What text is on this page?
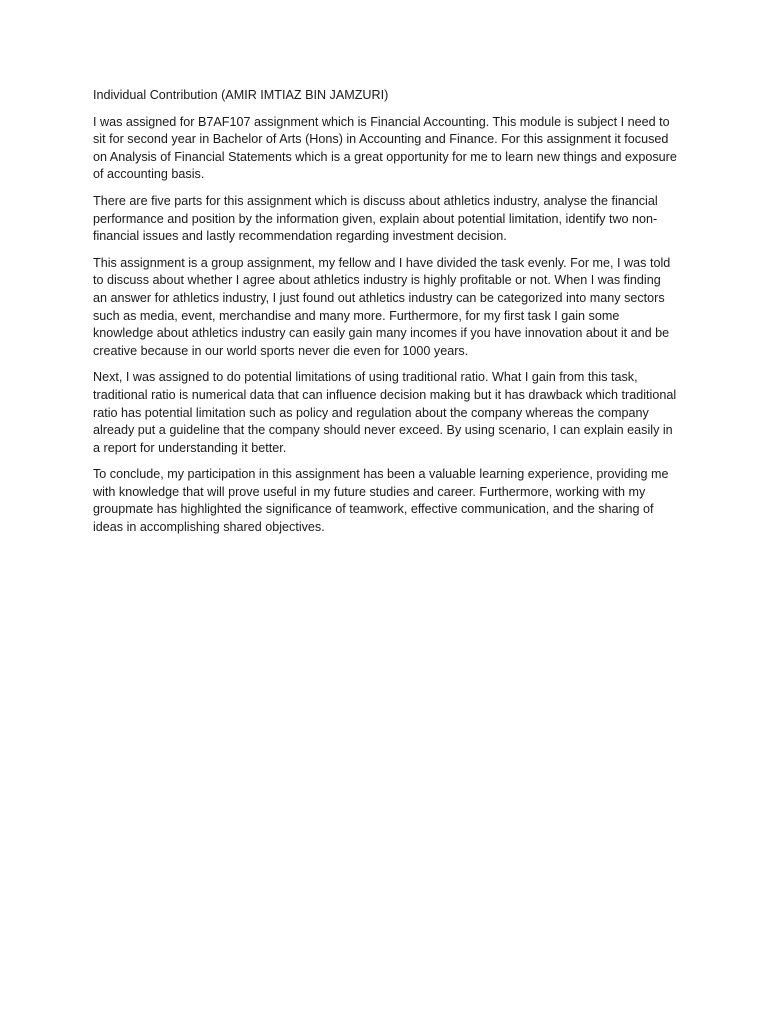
Individual Contribution (AMIR IMTIAZ BIN JAMZURI)

I was assigned for B7AF107 assignment which is Financial Accounting. This module is subject I need to sit for second year in Bachelor of Arts (Hons) in Accounting and Finance. For this assignment it focused on Analysis of Financial Statements which is a great opportunity for me to learn new things and exposure of accounting basis.

There are five parts for this assignment which is discuss about athletics industry, analyse the financial performance and position by the information given, explain about potential limitation, identify two non-financial issues and lastly recommendation regarding investment decision.

This assignment is a group assignment, my fellow and I have divided the task evenly. For me, I was told to discuss about whether I agree about athletics industry is highly profitable or not. When I was finding an answer for athletics industry, I just found out athletics industry can be categorized into many sectors such as media, event, merchandise and many more. Furthermore, for my first task I gain some knowledge about athletics industry can easily gain many incomes if you have innovation about it and be creative because in our world sports never die even for 1000 years.

Next, I was assigned to do potential limitations of using traditional ratio. What I gain from this task, traditional ratio is numerical data that can influence decision making but it has drawback which traditional ratio has potential limitation such as policy and regulation about the company whereas the company already put a guideline that the company should never exceed. By using scenario, I can explain easily in a report for understanding it better.

To conclude, my participation in this assignment has been a valuable learning experience, providing me with knowledge that will prove useful in my future studies and career. Furthermore, working with my groupmate has highlighted the significance of teamwork, effective communication, and the sharing of ideas in accomplishing shared objectives.
